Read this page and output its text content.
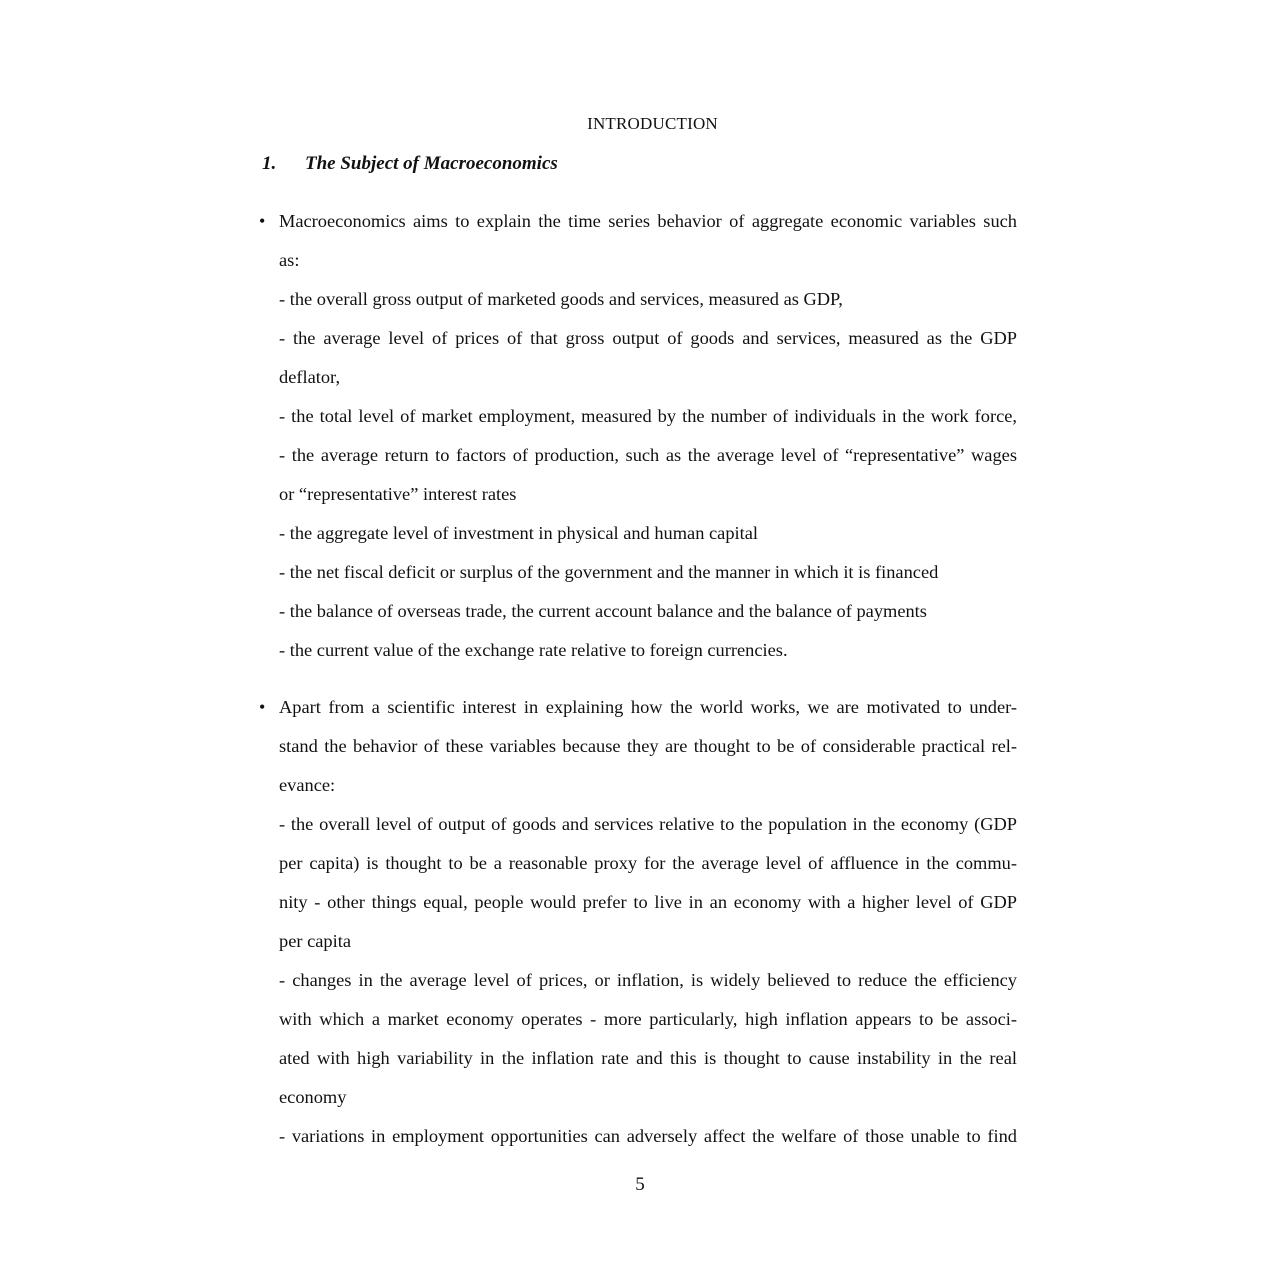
INTRODUCTION
1. The Subject of Macroeconomics
• Macroeconomics aims to explain the time series behavior of aggregate economic variables such
as:
- the overall gross output of marketed goods and services, measured as GDP,
- the average level of prices of that gross output of goods and services, measured as the GDP
deflator,
- the total level of market employment, measured by the number of individuals in the work force,
- the average return to factors of production, such as the average level of “representative” wages
or “representative” interest rates
- the aggregate level of investment in physical and human capital
- the net fiscal deficit or surplus of the government and the manner in which it is financed
- the balance of overseas trade, the current account balance and the balance of payments
- the current value of the exchange rate relative to foreign currencies.
• Apart from a scientific interest in explaining how the world works, we are motivated to under-
stand the behavior of these variables because they are thought to be of considerable practical rel-
evance:
- the overall level of output of goods and services relative to the population in the economy (GDP
per capita) is thought to be a reasonable proxy for the average level of affluence in the commu-
nity - other things equal, people would prefer to live in an economy with a higher level of GDP
per capita
- changes in the average level of prices, or inflation, is widely believed to reduce the efficiency
with which a market economy operates - more particularly, high inflation appears to be associ-
ated with high variability in the inflation rate and this is thought to cause instability in the real
economy
- variations in employment opportunities can adversely affect the welfare of those unable to find
5
